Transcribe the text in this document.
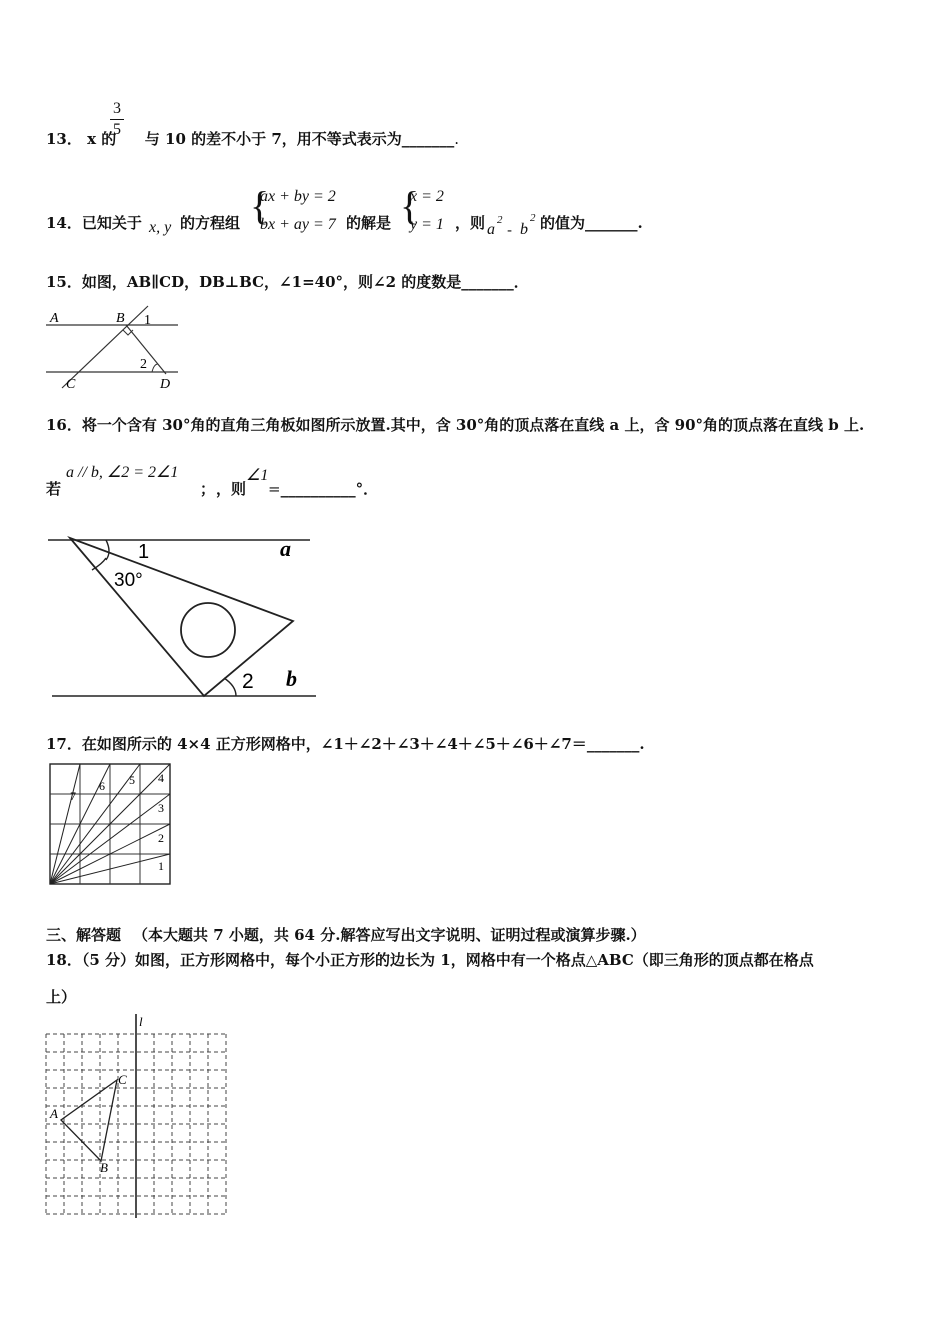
13． x 的 与 10 的差不小于 7，用不等式表示为_______.
3
5
14．已知关于 x, y 的方程组 {
ax + by = 2
bx + ay = 7 的解是 {
x = 2
y = 1 ，则 a
2
- b
2 的值为_______.
15．如图，AB∥CD，DB⊥BC，∠1=40°，则∠2 的度数是_______．
A	B 1
2
C	D
16．将一个含有 30°角的直角三角板如图所示放置.其中，含 30°角的顶点落在直线 a 上，含 90°角的顶点落在直线 b 上.
若
a // b, ∠2 = 2∠1
； ，则
∠1
=__________°．
1
30°
a
2 b
17．在如图所示的 4×4 正方形网格中，∠1＋∠2＋∠3＋∠4＋∠5＋∠6＋∠7＝_______.
1
2
3
4
5
6
7
三、解答题 （本大题共 7 小题，共 64 分.解答应写出文字说明、证明过程或演算步骤.）
18．（5 分）如图，正方形网格中，每个小正方形的边长为 1，网格中有一个格点△ABC（即三角形的顶点都在格点
上）
l
A
B
C
